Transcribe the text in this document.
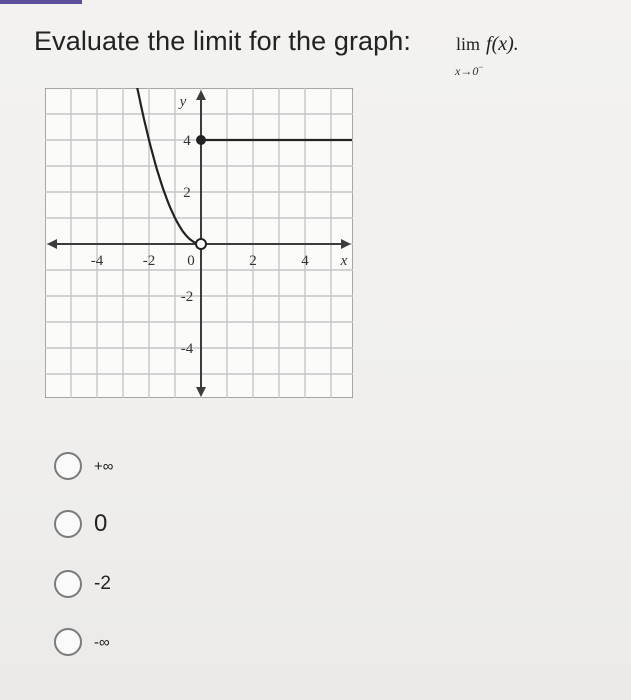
Evaluate the limit for the graph: lim f(x).
x→0−
-4	-2 0	2	4
4
2
-2
-4
x
y
+∞
0
-2
-∞
